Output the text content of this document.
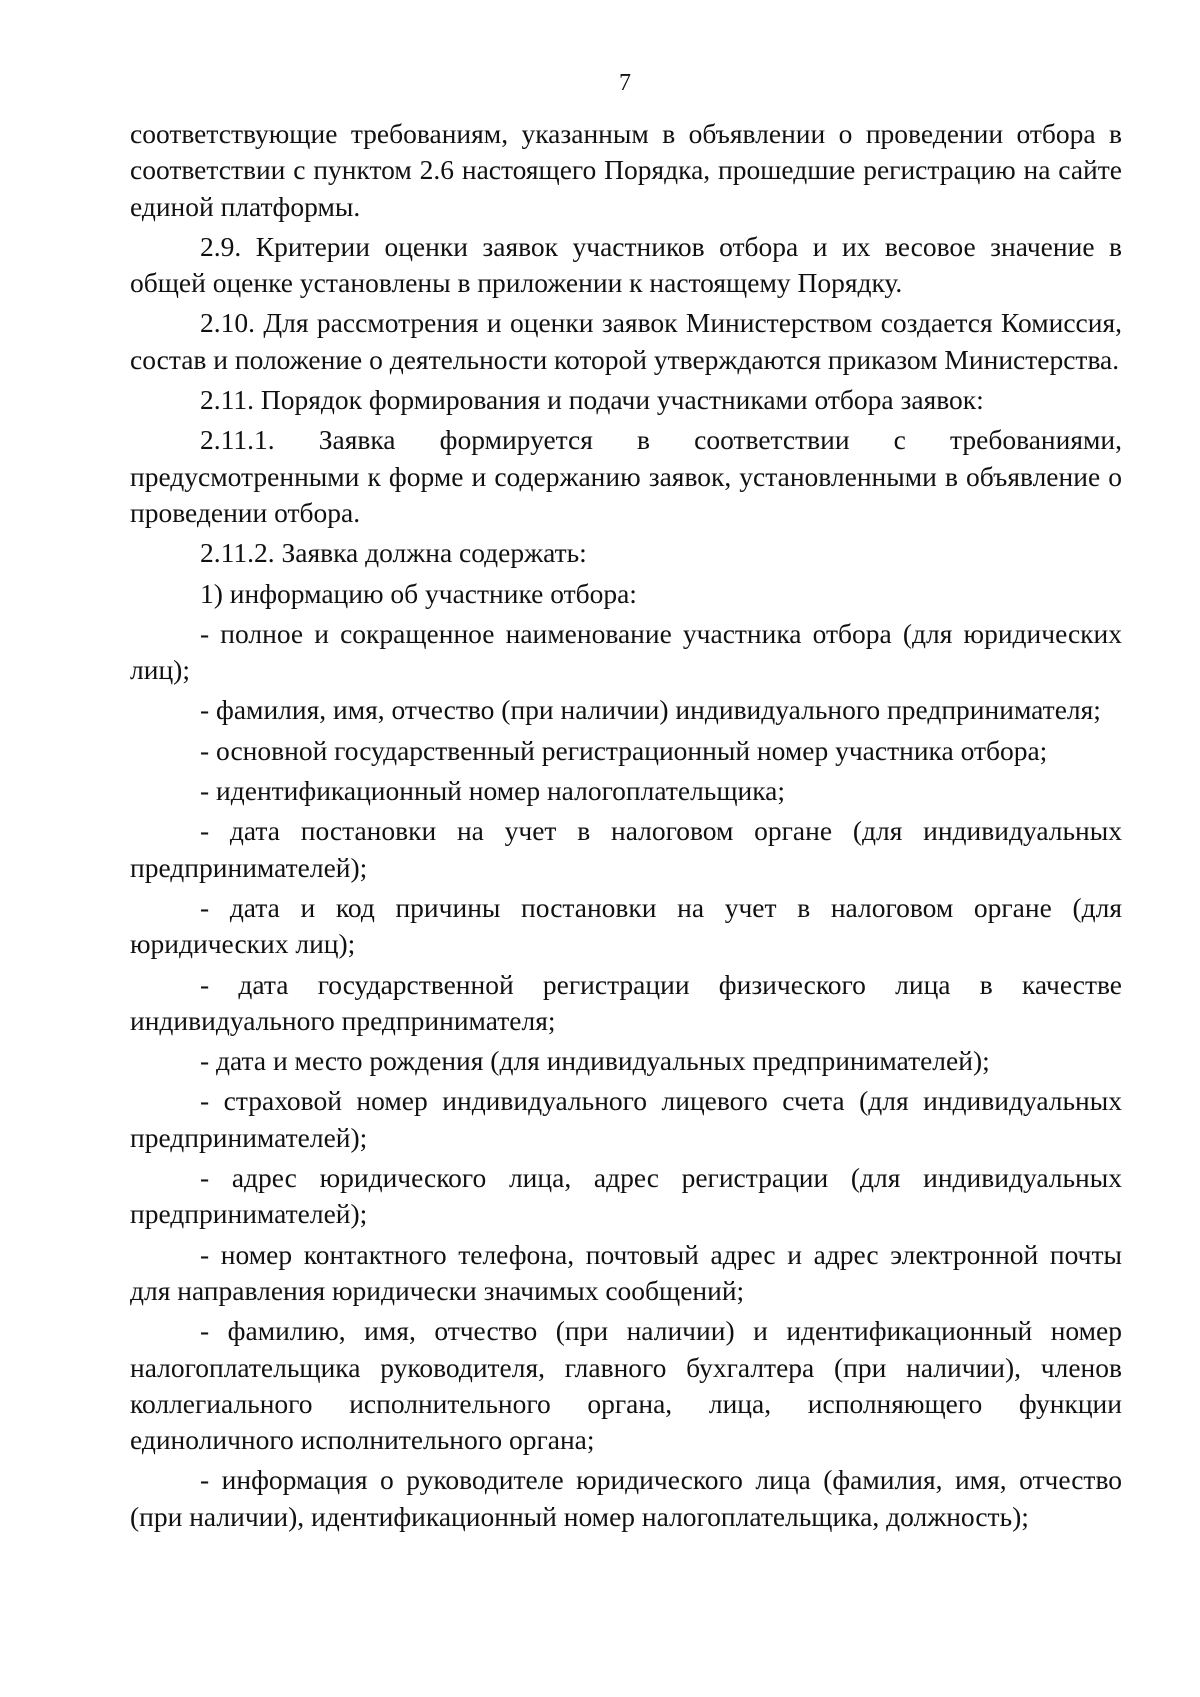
7

соответствующие требованиям, указанным в объявлении о проведении отбора в соответствии с пунктом 2.6 настоящего Порядка, прошедшие регистрацию на сайте единой платформы.

2.9. Критерии оценки заявок участников отбора и их весовое значение в общей оценке установлены в приложении к настоящему Порядку.

2.10. Для рассмотрения и оценки заявок Министерством создается Комиссия, состав и положение о деятельности которой утверждаются приказом Министерства.

2.11. Порядок формирования и подачи участниками отбора заявок:

2.11.1. Заявка формируется в соответствии с требованиями, предусмотренными к форме и содержанию заявок, установленными в объявление о проведении отбора.

2.11.2. Заявка должна содержать:

1) информацию об участнике отбора:

- полное и сокращенное наименование участника отбора (для юридических лиц);

- фамилия, имя, отчество (при наличии) индивидуального предпринимателя;

- основной государственный регистрационный номер участника отбора;

- идентификационный номер налогоплательщика;

- дата постановки на учет в налоговом органе (для индивидуальных предпринимателей);

- дата и код причины постановки на учет в налоговом органе (для юридических лиц);

- дата государственной регистрации физического лица в качестве индивидуального предпринимателя;

- дата и место рождения (для индивидуальных предпринимателей);

- страховой номер индивидуального лицевого счета (для индивидуальных предпринимателей);

- адрес юридического лица, адрес регистрации (для индивидуальных предпринимателей);

- номер контактного телефона, почтовый адрес и адрес электронной почты для направления юридически значимых сообщений;

- фамилию, имя, отчество (при наличии) и идентификационный номер налогоплательщика руководителя, главного бухгалтера (при наличии), членов коллегиального исполнительного органа, лица, исполняющего функции единоличного исполнительного органа;

- информация о руководителе юридического лица (фамилия, имя, отчество (при наличии), идентификационный номер налогоплательщика, должность);
